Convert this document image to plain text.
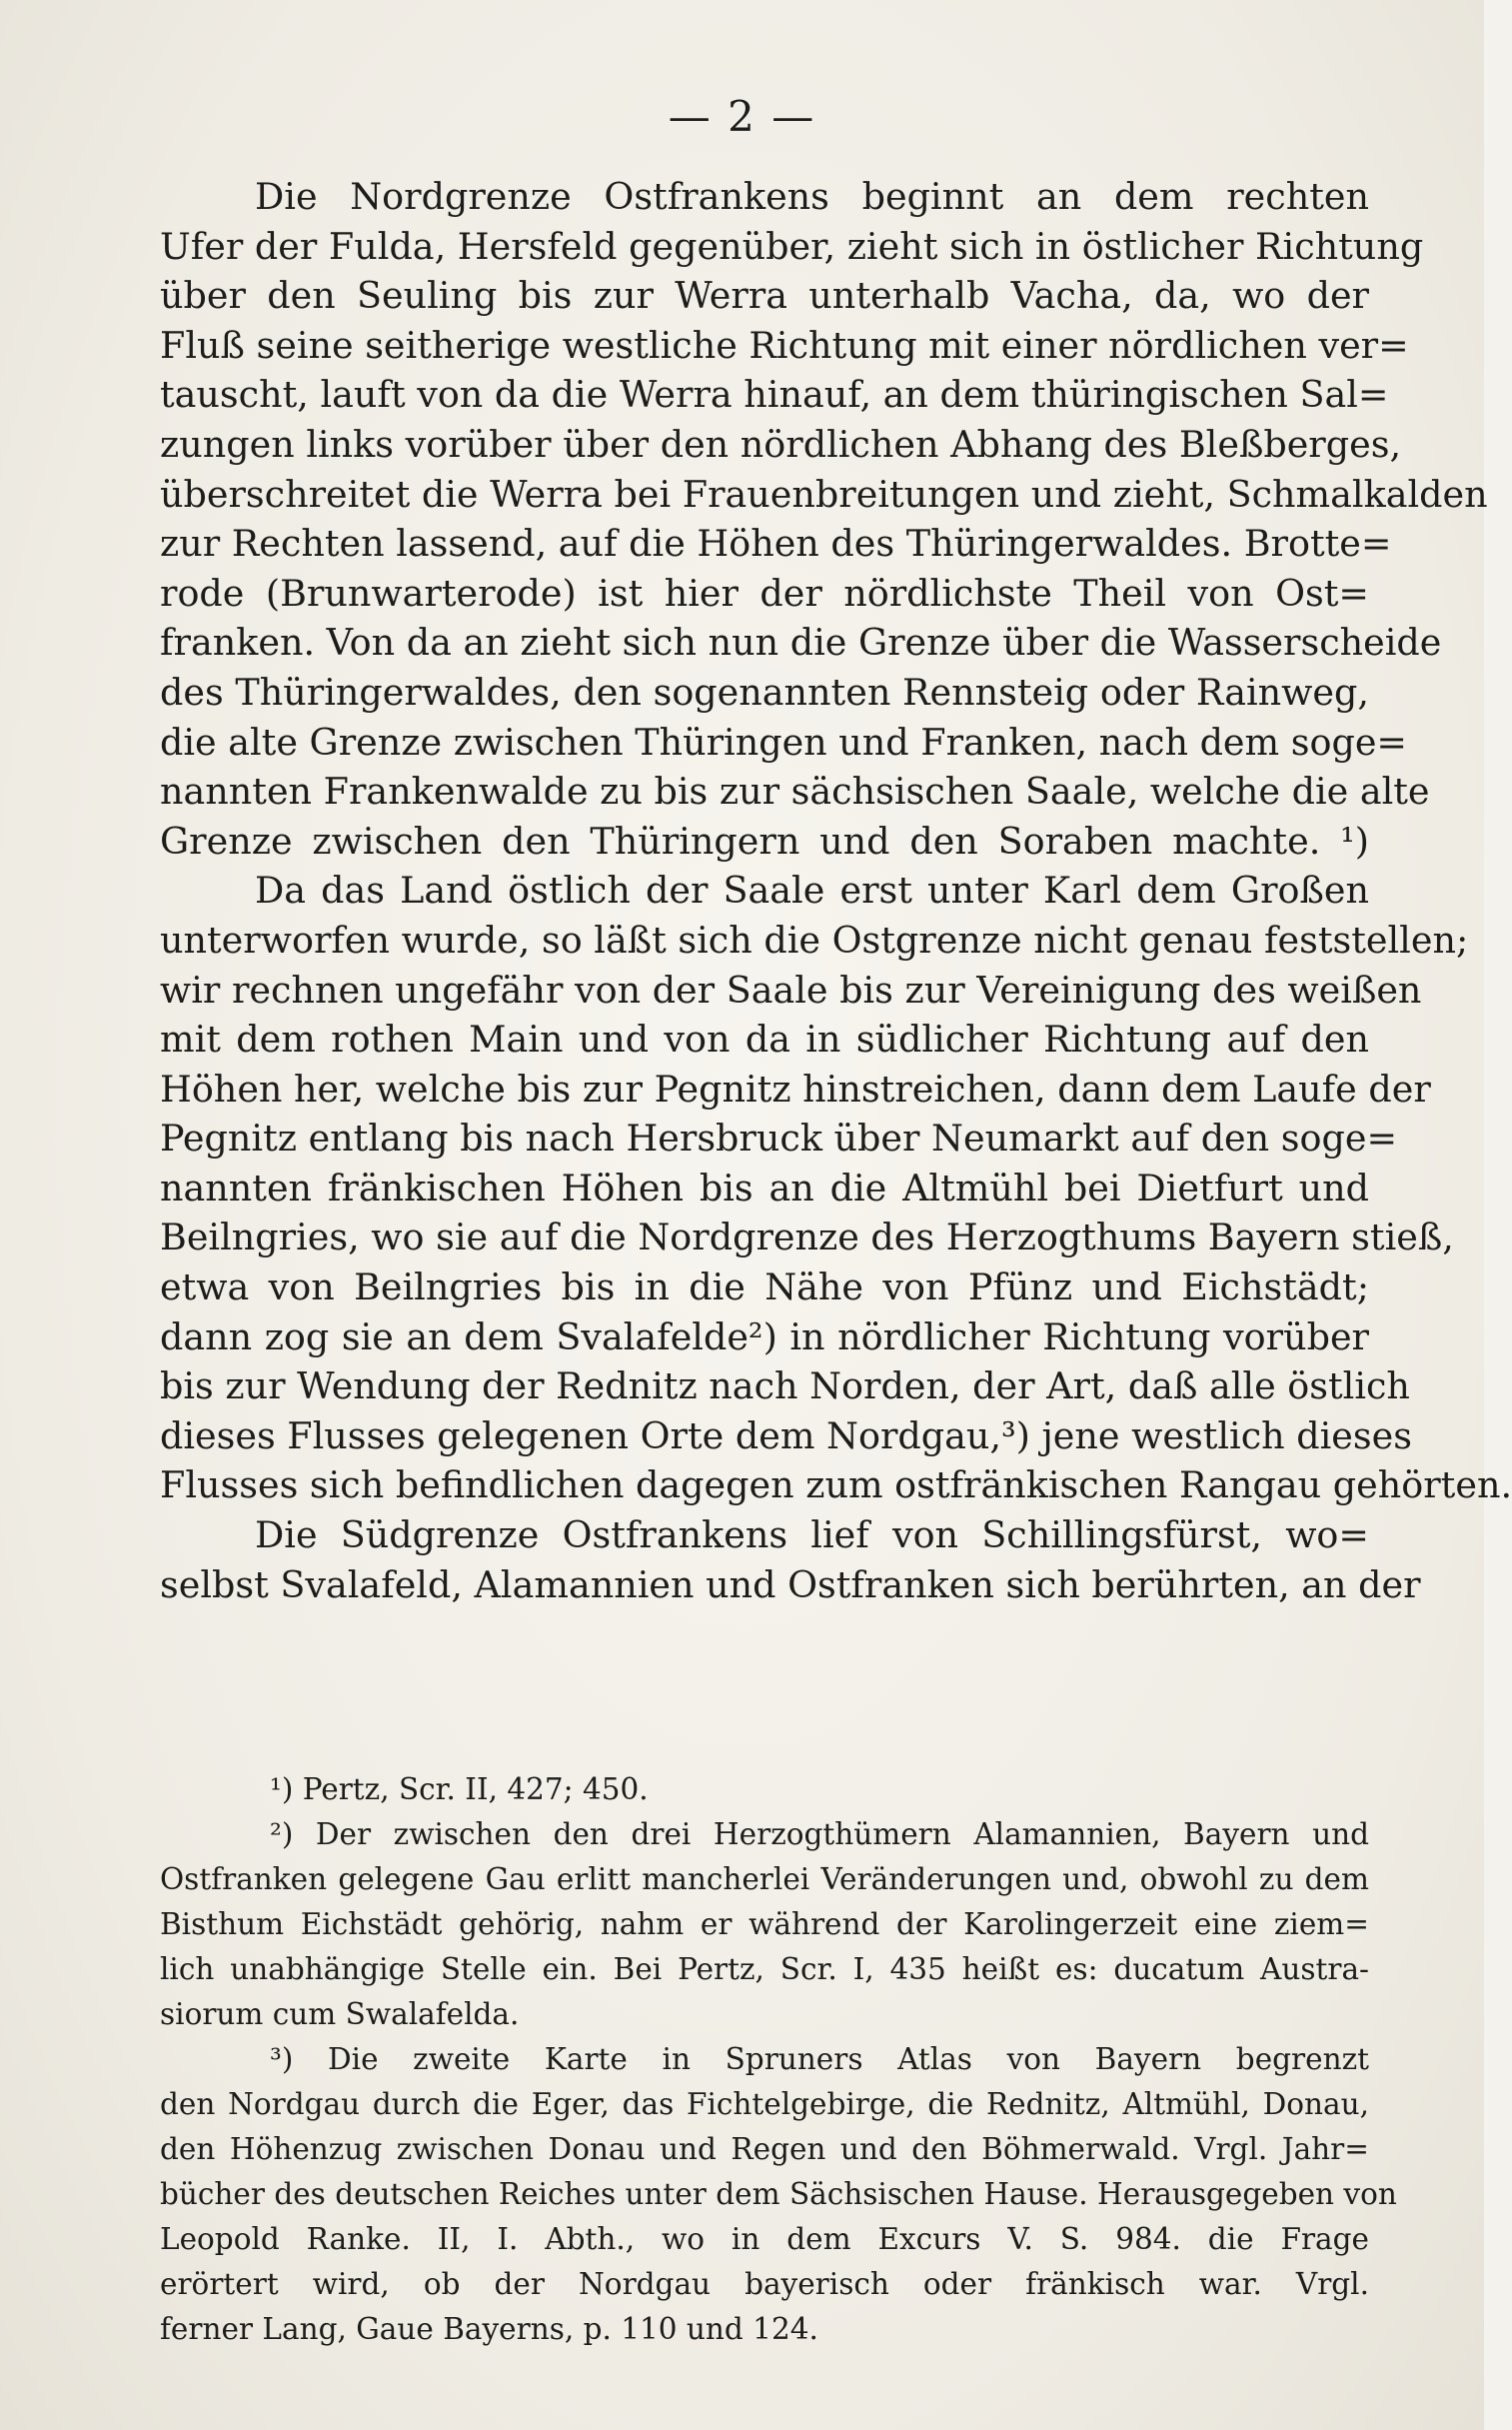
— 2 —
Die Nordgrenze Ostfrankens beginnt an dem rechten
Ufer der Fulda, Hersfeld gegenüber, zieht sich in östlicher Richtung
über den Seuling bis zur Werra unterhalb Vacha, da, wo der
Fluß seine seitherige westliche Richtung mit einer nördlichen ver=
tauscht, lauft von da die Werra hinauf, an dem thüringischen Sal=
zungen links vorüber über den nördlichen Abhang des Bleßberges,
überschreitet die Werra bei Frauenbreitungen und zieht, Schmalkalden
zur Rechten lassend, auf die Höhen des Thüringerwaldes. Brotte=
rode (Brunwarterode) ist hier der nördlichste Theil von Ost=
franken. Von da an zieht sich nun die Grenze über die Wasserscheide
des Thüringerwaldes, den sogenannten Rennsteig oder Rainweg,
die alte Grenze zwischen Thüringen und Franken, nach dem soge=
nannten Frankenwalde zu bis zur sächsischen Saale, welche die alte
Grenze zwischen den Thüringern und den Soraben machte. ¹)
Da das Land östlich der Saale erst unter Karl dem Großen
unterworfen wurde, so läßt sich die Ostgrenze nicht genau feststellen;
wir rechnen ungefähr von der Saale bis zur Vereinigung des weißen
mit dem rothen Main und von da in südlicher Richtung auf den
Höhen her, welche bis zur Pegnitz hinstreichen, dann dem Laufe der
Pegnitz entlang bis nach Hersbruck über Neumarkt auf den soge=
nannten fränkischen Höhen bis an die Altmühl bei Dietfurt und
Beilngries, wo sie auf die Nordgrenze des Herzogthums Bayern stieß,
etwa von Beilngries bis in die Nähe von Pfünz und Eichstädt;
dann zog sie an dem Svalafelde²) in nördlicher Richtung vorüber
bis zur Wendung der Rednitz nach Norden, der Art, daß alle östlich
dieses Flusses gelegenen Orte dem Nordgau,³) jene westlich dieses
Flusses sich befindlichen dagegen zum ostfränkischen Rangau gehörten.
Die Südgrenze Ostfrankens lief von Schillingsfürst, wo=
selbst Svalafeld, Alamannien und Ostfranken sich berührten, an der
¹) Pertz, Scr. II, 427; 450.
²) Der zwischen den drei Herzogthümern Alamannien, Bayern und
Ostfranken gelegene Gau erlitt mancherlei Veränderungen und, obwohl zu dem
Bisthum Eichstädt gehörig, nahm er während der Karolingerzeit eine ziem=
lich unabhängige Stelle ein. Bei Pertz, Scr. I, 435 heißt es: ducatum Austra-
siorum cum Swalafelda.
³) Die zweite Karte in Spruners Atlas von Bayern begrenzt
den Nordgau durch die Eger, das Fichtelgebirge, die Rednitz, Altmühl, Donau,
den Höhenzug zwischen Donau und Regen und den Böhmerwald. Vrgl. Jahr=
bücher des deutschen Reiches unter dem Sächsischen Hause. Herausgegeben von
Leopold Ranke. II, I. Abth., wo in dem Excurs V. S. 984. die Frage
erörtert wird, ob der Nordgau bayerisch oder fränkisch war. Vrgl.
ferner Lang, Gaue Bayerns, p. 110 und 124.
